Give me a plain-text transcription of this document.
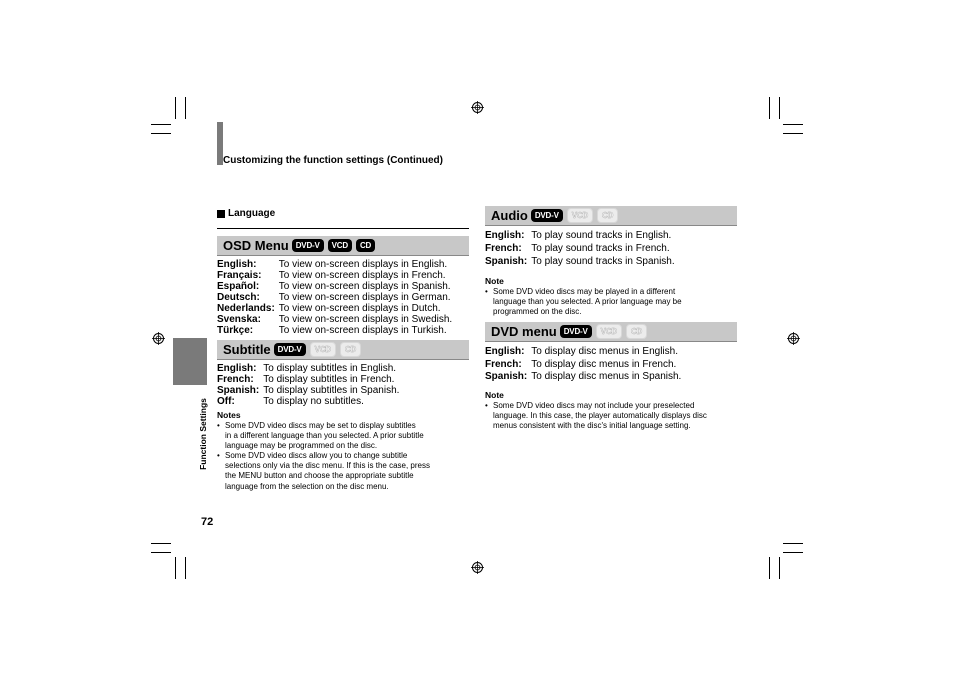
Customizing the function settings (Continued)
Function Settings
72
Language
OSD Menu DVD-V	VCD	CD
English:	To view on-screen displays in English.
Français:	To view on-screen displays in French.
Español:	To view on-screen displays in Spanish.
Deutsch:	To view on-screen displays in German.
Nederlands:	To view on-screen displays in Dutch.
Svenska:	To view on-screen displays in Swedish.
Türkçe:	To view on-screen displays in Turkish.
Subtitle DVD-V	VCD	CD
English:	To display subtitles in English.
French:	To display subtitles in French.
Spanish:	To display subtitles in Spanish.
Off:	To display no subtitles.
Notes
• Some DVD video discs may be set to display subtitles
in a different language than you selected. A prior subtitle
language may be programmed on the disc.
• Some DVD video discs allow you to change subtitle
selections only via the disc menu. If this is the case, press
the MENU button and choose the appropriate subtitle
language from the selection on the disc menu.
Audio DVD-V	VCD	CD
English:	To play sound tracks in English.
French:	To play sound tracks in French.
Spanish:	To play sound tracks in Spanish.
Note
• Some DVD video discs may be played in a different
language than you selected. A prior language may be
programmed on the disc.
DVD menu DVD-V	VCD	CD
English:	To display disc menus in English.
French:	To display disc menus in French.
Spanish:	To display disc menus in Spanish.
Note
• Some DVD video discs may not include your preselected
language. In this case, the player automatically displays disc
menus consistent with the disc's initial language setting.
